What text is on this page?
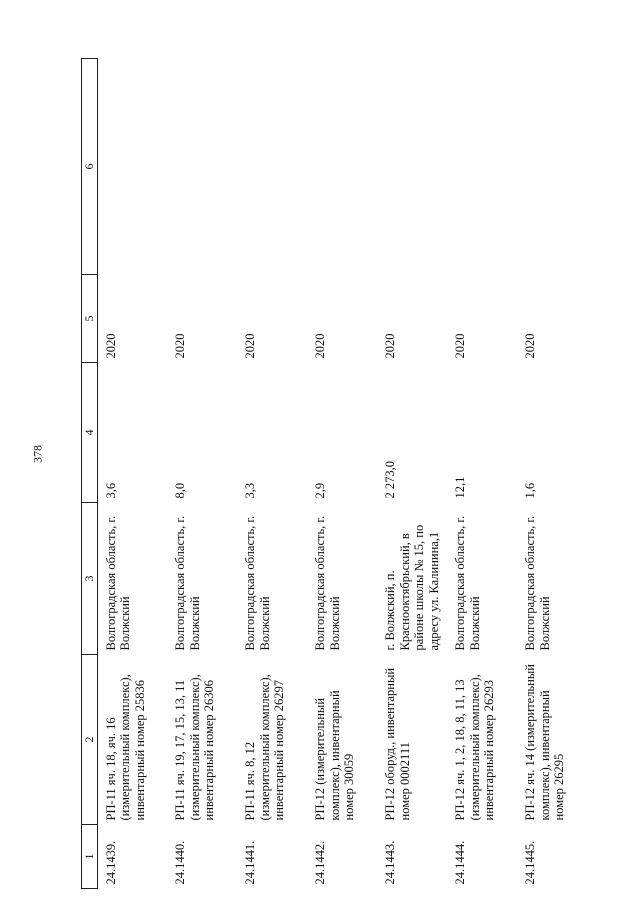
378

1	2	3	4	5	6
24.1439.	РП-11 яч. 18, яч. 16 (измерительный комплекс), инвентарный номер 25836	Волгоградская область, г. Волжский	3,6	2020	
24.1440.	РП-11 яч. 19, 17, 15, 13, 11 (измерительный комплекс), инвентарный номер 26306	Волгоградская область, г. Волжский	8,0	2020	
24.1441.	РП-11 яч. 8, 12 (измерительный комплекс), инвентарный номер 26297	Волгоградская область, г. Волжский	3,3	2020	
24.1442.	РП-12 (измерительный комплекс), инвентарный номер 30059	Волгоградская область, г. Волжский	2,9	2020	
24.1443.	РП-12 оборуд., инвентарный номер 0002111	г. Волжский, п. Краснооктябрьский, в районе школы № 15, по адресу ул. Калинина,1	2 273,0	2020	
24.1444.	РП-12 яч. 1, 2, 18, 8, 11, 13 (измерительный комплекс), инвентарный номер 26293	Волгоградская область, г. Волжский	12,1	2020	
24.1445.	РП-12 яч. 14 (измерительный комплекс), инвентарный номер 26295	Волгоградская область, г. Волжский	1,6	2020	
